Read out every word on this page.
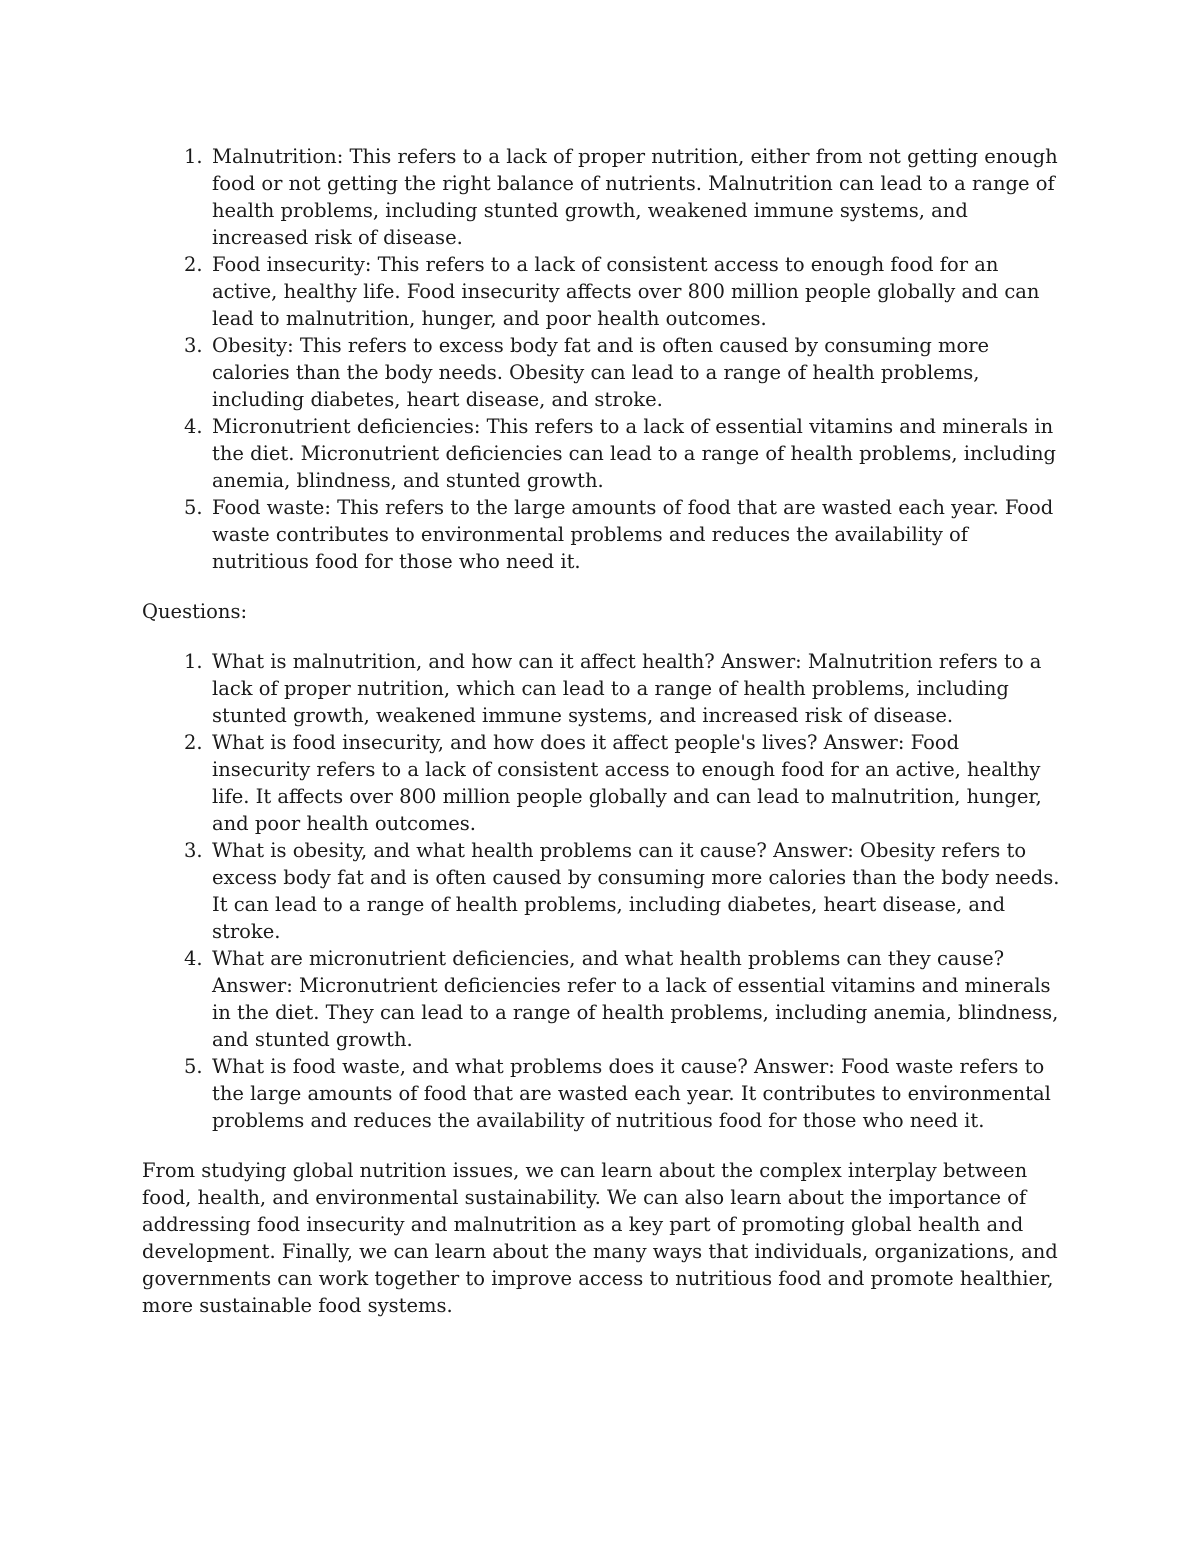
1. Malnutrition: This refers to a lack of proper nutrition, either from not getting enough food or not getting the right balance of nutrients. Malnutrition can lead to a range of health problems, including stunted growth, weakened immune systems, and increased risk of disease.
2. Food insecurity: This refers to a lack of consistent access to enough food for an active, healthy life. Food insecurity affects over 800 million people globally and can lead to malnutrition, hunger, and poor health outcomes.
3. Obesity: This refers to excess body fat and is often caused by consuming more calories than the body needs. Obesity can lead to a range of health problems, including diabetes, heart disease, and stroke.
4. Micronutrient deficiencies: This refers to a lack of essential vitamins and minerals in the diet. Micronutrient deficiencies can lead to a range of health problems, including anemia, blindness, and stunted growth.
5. Food waste: This refers to the large amounts of food that are wasted each year. Food waste contributes to environmental problems and reduces the availability of nutritious food for those who need it.

Questions:

1. What is malnutrition, and how can it affect health? Answer: Malnutrition refers to a lack of proper nutrition, which can lead to a range of health problems, including stunted growth, weakened immune systems, and increased risk of disease.
2. What is food insecurity, and how does it affect people's lives? Answer: Food insecurity refers to a lack of consistent access to enough food for an active, healthy life. It affects over 800 million people globally and can lead to malnutrition, hunger, and poor health outcomes.
3. What is obesity, and what health problems can it cause? Answer: Obesity refers to excess body fat and is often caused by consuming more calories than the body needs. It can lead to a range of health problems, including diabetes, heart disease, and stroke.
4. What are micronutrient deficiencies, and what health problems can they cause? Answer: Micronutrient deficiencies refer to a lack of essential vitamins and minerals in the diet. They can lead to a range of health problems, including anemia, blindness, and stunted growth.
5. What is food waste, and what problems does it cause? Answer: Food waste refers to the large amounts of food that are wasted each year. It contributes to environmental problems and reduces the availability of nutritious food for those who need it.

From studying global nutrition issues, we can learn about the complex interplay between food, health, and environmental sustainability. We can also learn about the importance of addressing food insecurity and malnutrition as a key part of promoting global health and development. Finally, we can learn about the many ways that individuals, organizations, and governments can work together to improve access to nutritious food and promote healthier, more sustainable food systems.
